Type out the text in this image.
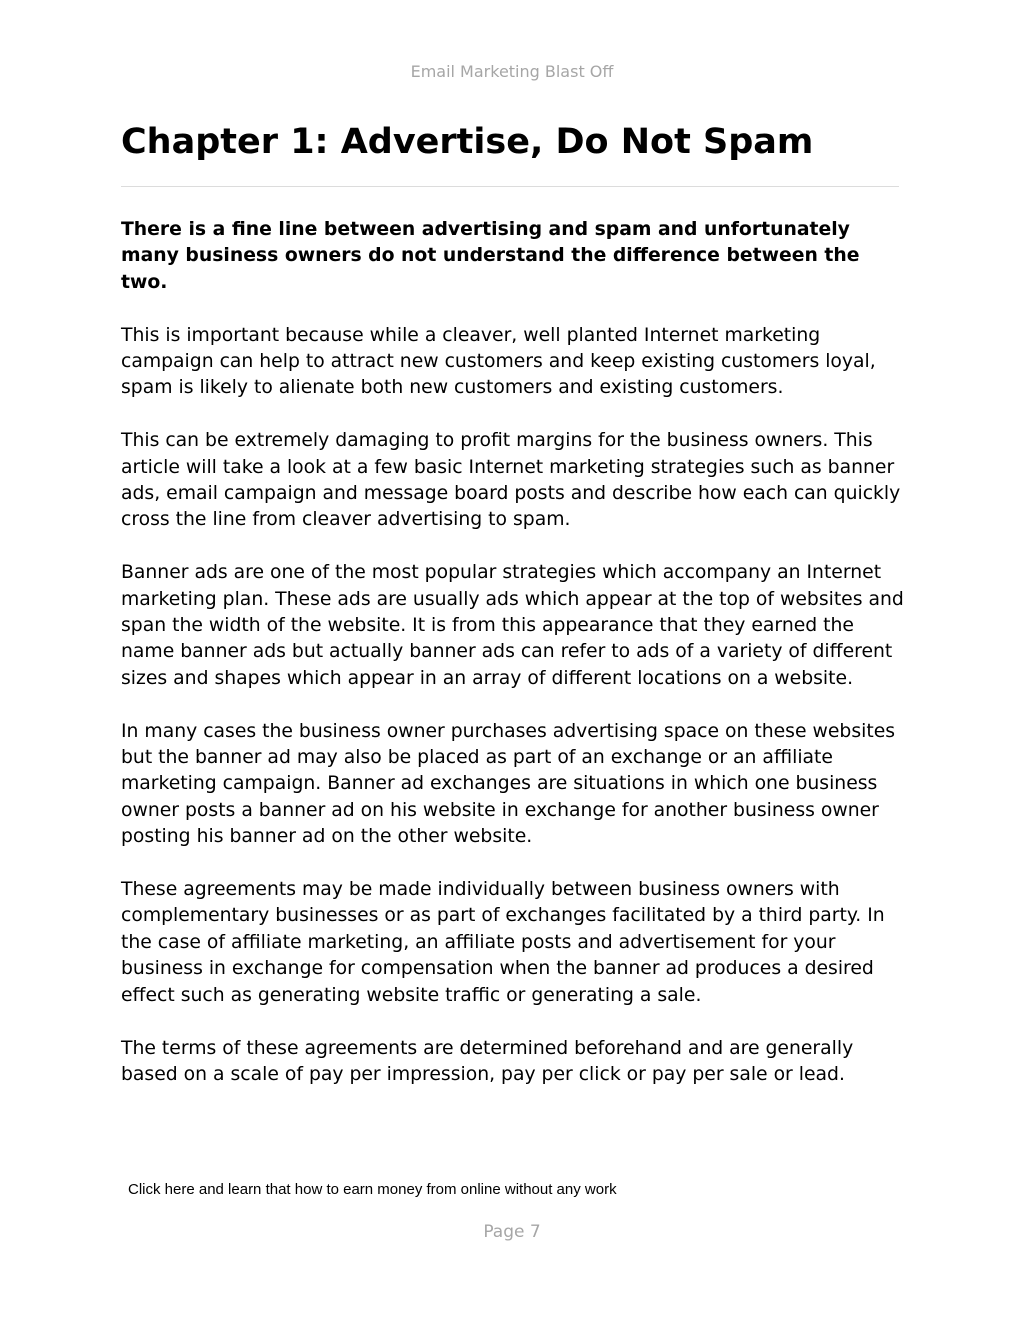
Email Marketing Blast Off
Chapter 1: Advertise, Do Not Spam

There is a fine line between advertising and spam and unfortunately many business owners do not understand the difference between the two.

This is important because while a cleaver, well planted Internet marketing campaign can help to attract new customers and keep existing customers loyal, spam is likely to alienate both new customers and existing customers.

This can be extremely damaging to profit margins for the business owners. This article will take a look at a few basic Internet marketing strategies such as banner ads, email campaign and message board posts and describe how each can quickly cross the line from cleaver advertising to spam.

Banner ads are one of the most popular strategies which accompany an Internet marketing plan. These ads are usually ads which appear at the top of websites and span the width of the website. It is from this appearance that they earned the name banner ads but actually banner ads can refer to ads of a variety of different sizes and shapes which appear in an array of different locations on a website.

In many cases the business owner purchases advertising space on these websites but the banner ad may also be placed as part of an exchange or an affiliate marketing campaign. Banner ad exchanges are situations in which one business owner posts a banner ad on his website in exchange for another business owner posting his banner ad on the other website.

These agreements may be made individually between business owners with complementary businesses or as part of exchanges facilitated by a third party. In the case of affiliate marketing, an affiliate posts and advertisement for your business in exchange for compensation when the banner ad produces a desired effect such as generating website traffic or generating a sale.

The terms of these agreements are determined beforehand and are generally based on a scale of pay per impression, pay per click or pay per sale or lead.

Click here and learn that how to earn money from online without any work
Page 7
